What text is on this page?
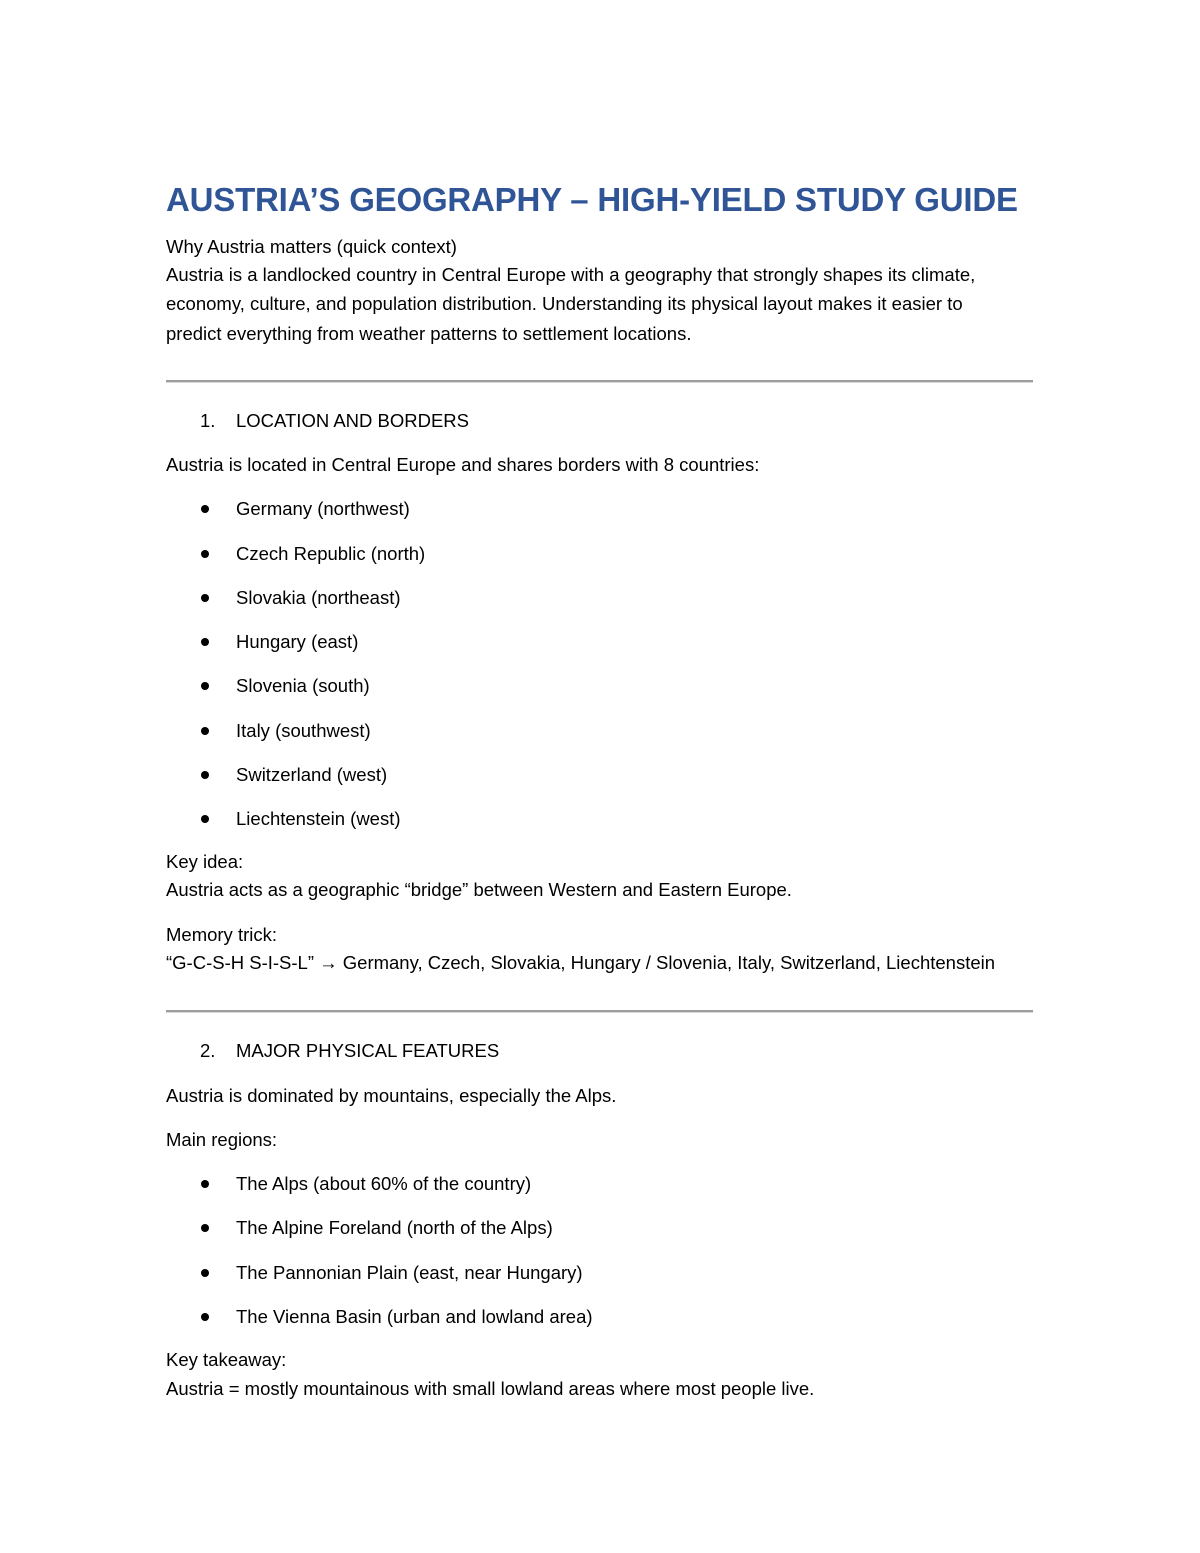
AUSTRIA’S GEOGRAPHY – HIGH-YIELD STUDY GUIDE

Why Austria matters (quick context)

Austria is a landlocked country in Central Europe with a geography that strongly shapes its climate,

economy, culture, and population distribution. Understanding its physical layout makes it easier to

predict everything from weather patterns to settlement locations.

1. LOCATION AND BORDERS

Austria is located in Central Europe and shares borders with 8 countries:

Germany (northwest)

Czech Republic (north)

Slovakia (northeast)

Hungary (east)

Slovenia (south)

Italy (southwest)

Switzerland (west)

Liechtenstein (west)

Key idea:

Austria acts as a geographic “bridge” between Western and Eastern Europe.

Memory trick:

“G-C-S-H S-I-S-L” → Germany, Czech, Slovakia, Hungary / Slovenia, Italy, Switzerland, Liechtenstein

2. MAJOR PHYSICAL FEATURES

Austria is dominated by mountains, especially the Alps.

Main regions:

The Alps (about 60% of the country)

The Alpine Foreland (north of the Alps)

The Pannonian Plain (east, near Hungary)

The Vienna Basin (urban and lowland area)

Key takeaway:

Austria = mostly mountainous with small lowland areas where most people live.
